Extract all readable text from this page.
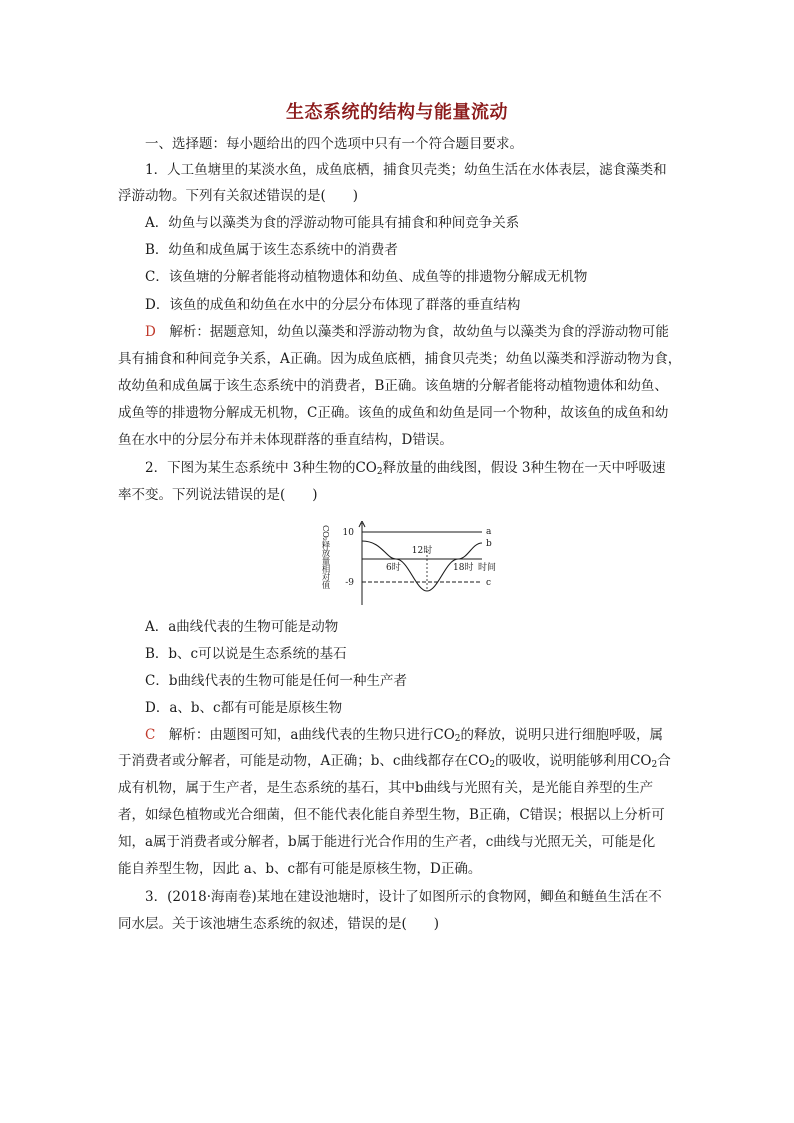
生态系统的结构与能量流动
一、选择题：每小题给出的四个选项中只有一个符合题目要求。
1．人工鱼塘里的某淡水鱼，成鱼底栖，捕食贝壳类；幼鱼生活在水体表层，滤食藻类和
浮游动物。下列有关叙述错误的是(　　)
A．幼鱼与以藻类为食的浮游动物可能具有捕食和种间竞争关系
B．幼鱼和成鱼属于该生态系统中的消费者
C．该鱼塘的分解者能将动植物遗体和幼鱼、成鱼等的排遗物分解成无机物
D．该鱼的成鱼和幼鱼在水中的分层分布体现了群落的垂直结构
D　 解析：据题意知，幼鱼以藻类和浮游动物为食，故幼鱼与以藻类为食的浮游动物可能
具有捕食和种间竞争关系，A正确。因为成鱼底栖，捕食贝壳类；幼鱼以藻类和浮游动物为食，
故幼鱼和成鱼属于该生态系统中的消费者，B正确。该鱼塘的分解者能将动植物遗体和幼鱼、
成鱼等的排遗物分解成无机物，C正确。该鱼的成鱼和幼鱼是同一个物种，故该鱼的成鱼和幼
鱼在水中的分层分布并未体现群落的垂直结构，D错误。
2．下图为某生态系统中 3种生物的$CO_2$释放量的曲线图，假设 3种生物在一天中呼吸速
率不变。下列说法错误的是(　　)
CO₂释放量相对值 10
-9
12时
6时	18时 时间
a
b
c
A．a曲线代表的生物可能是动物
B．b、c可以说是生态系统的基石
C．b曲线代表的生物可能是任何一种生产者
D．a、b、c都有可能是原核生物
C　 解析：由题图可知，a曲线代表的生物只进行$CO_2$的释放，说明只进行细胞呼吸，属
于消费者或分解者，可能是动物，A正确；b、c曲线都存在$CO_2$的吸收，说明能够利用$CO_2$合
成有机物，属于生产者，是生态系统的基石，其中b曲线与光照有关，是光能自养型的生产
者，如绿色植物或光合细菌，但不能代表化能自养型生物，B正确，C错误；根据以上分析可
知，a属于消费者或分解者，b属于能进行光合作用的生产者，c曲线与光照无关，可能是化
能自养型生物，因此 a、b、c都有可能是原核生物，D正确。
3．(2018·海南卷)某地在建设池塘时，设计了如图所示的食物网，鲫鱼和鲢鱼生活在不
同水层。关于该池塘生态系统的叙述，错误的是(　　)
